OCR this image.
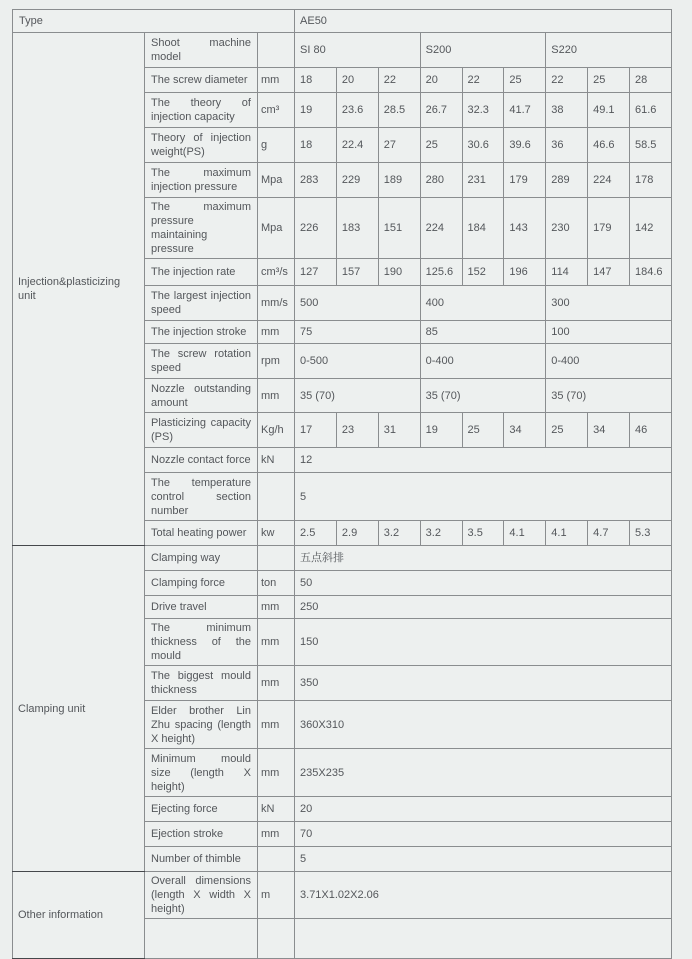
Type			AE50								
Injection&plasticizing unit	Shoot machine model		SI 80			S200			S220		
	The screw diameter	mm	18	20	22	20	22	25	22	25	28
	The theory of injection capacity	cm³	19	23.6	28.5	26.7	32.3	41.7	38	49.1	61.6
	Theory of injection weight(PS)	g	18	22.4	27	25	30.6	39.6	36	46.6	58.5
	The maximum injection pressure	Mpa	283	229	189	280	231	179	289	224	178
	The maximum pressure maintaining pressure	Mpa	226	183	151	224	184	143	230	179	142
	The injection rate	cm³/s	127	157	190	125.6	152	196	114	147	184.6
	The largest injection speed	mm/s	500			400			300		
	The injection stroke	mm	75			85			100		
	The screw rotation speed	rpm	0-500			0-400			0-400		
	Nozzle outstanding amount	mm	35 (70)			35 (70)			35 (70)		
	Plasticizing capacity (PS)	Kg/h	17	23	31	19	25	34	25	34	46
	Nozzle contact force	kN	12								
	The temperature control section number		5								
	Total heating power	kw	2.5	2.9	3.2	3.2	3.5	4.1	4.1	4.7	5.3
Clamping unit	Clamping way		五点斜排								
	Clamping force	ton	50								
	Drive travel	mm	250								
	The minimum thickness of the mould	mm	150								
	The biggest mould thickness	mm	350								
	Elder brother Lin Zhu spacing (length X height)	mm	360X310								
	Minimum mould size (length X height)	mm	235X235								
	Ejecting force	kN	20								
	Ejection stroke	mm	70								
	Number of thimble		5								
Other information	Overall dimensions (length X width X height)	m	3.71X1.02X2.06								
